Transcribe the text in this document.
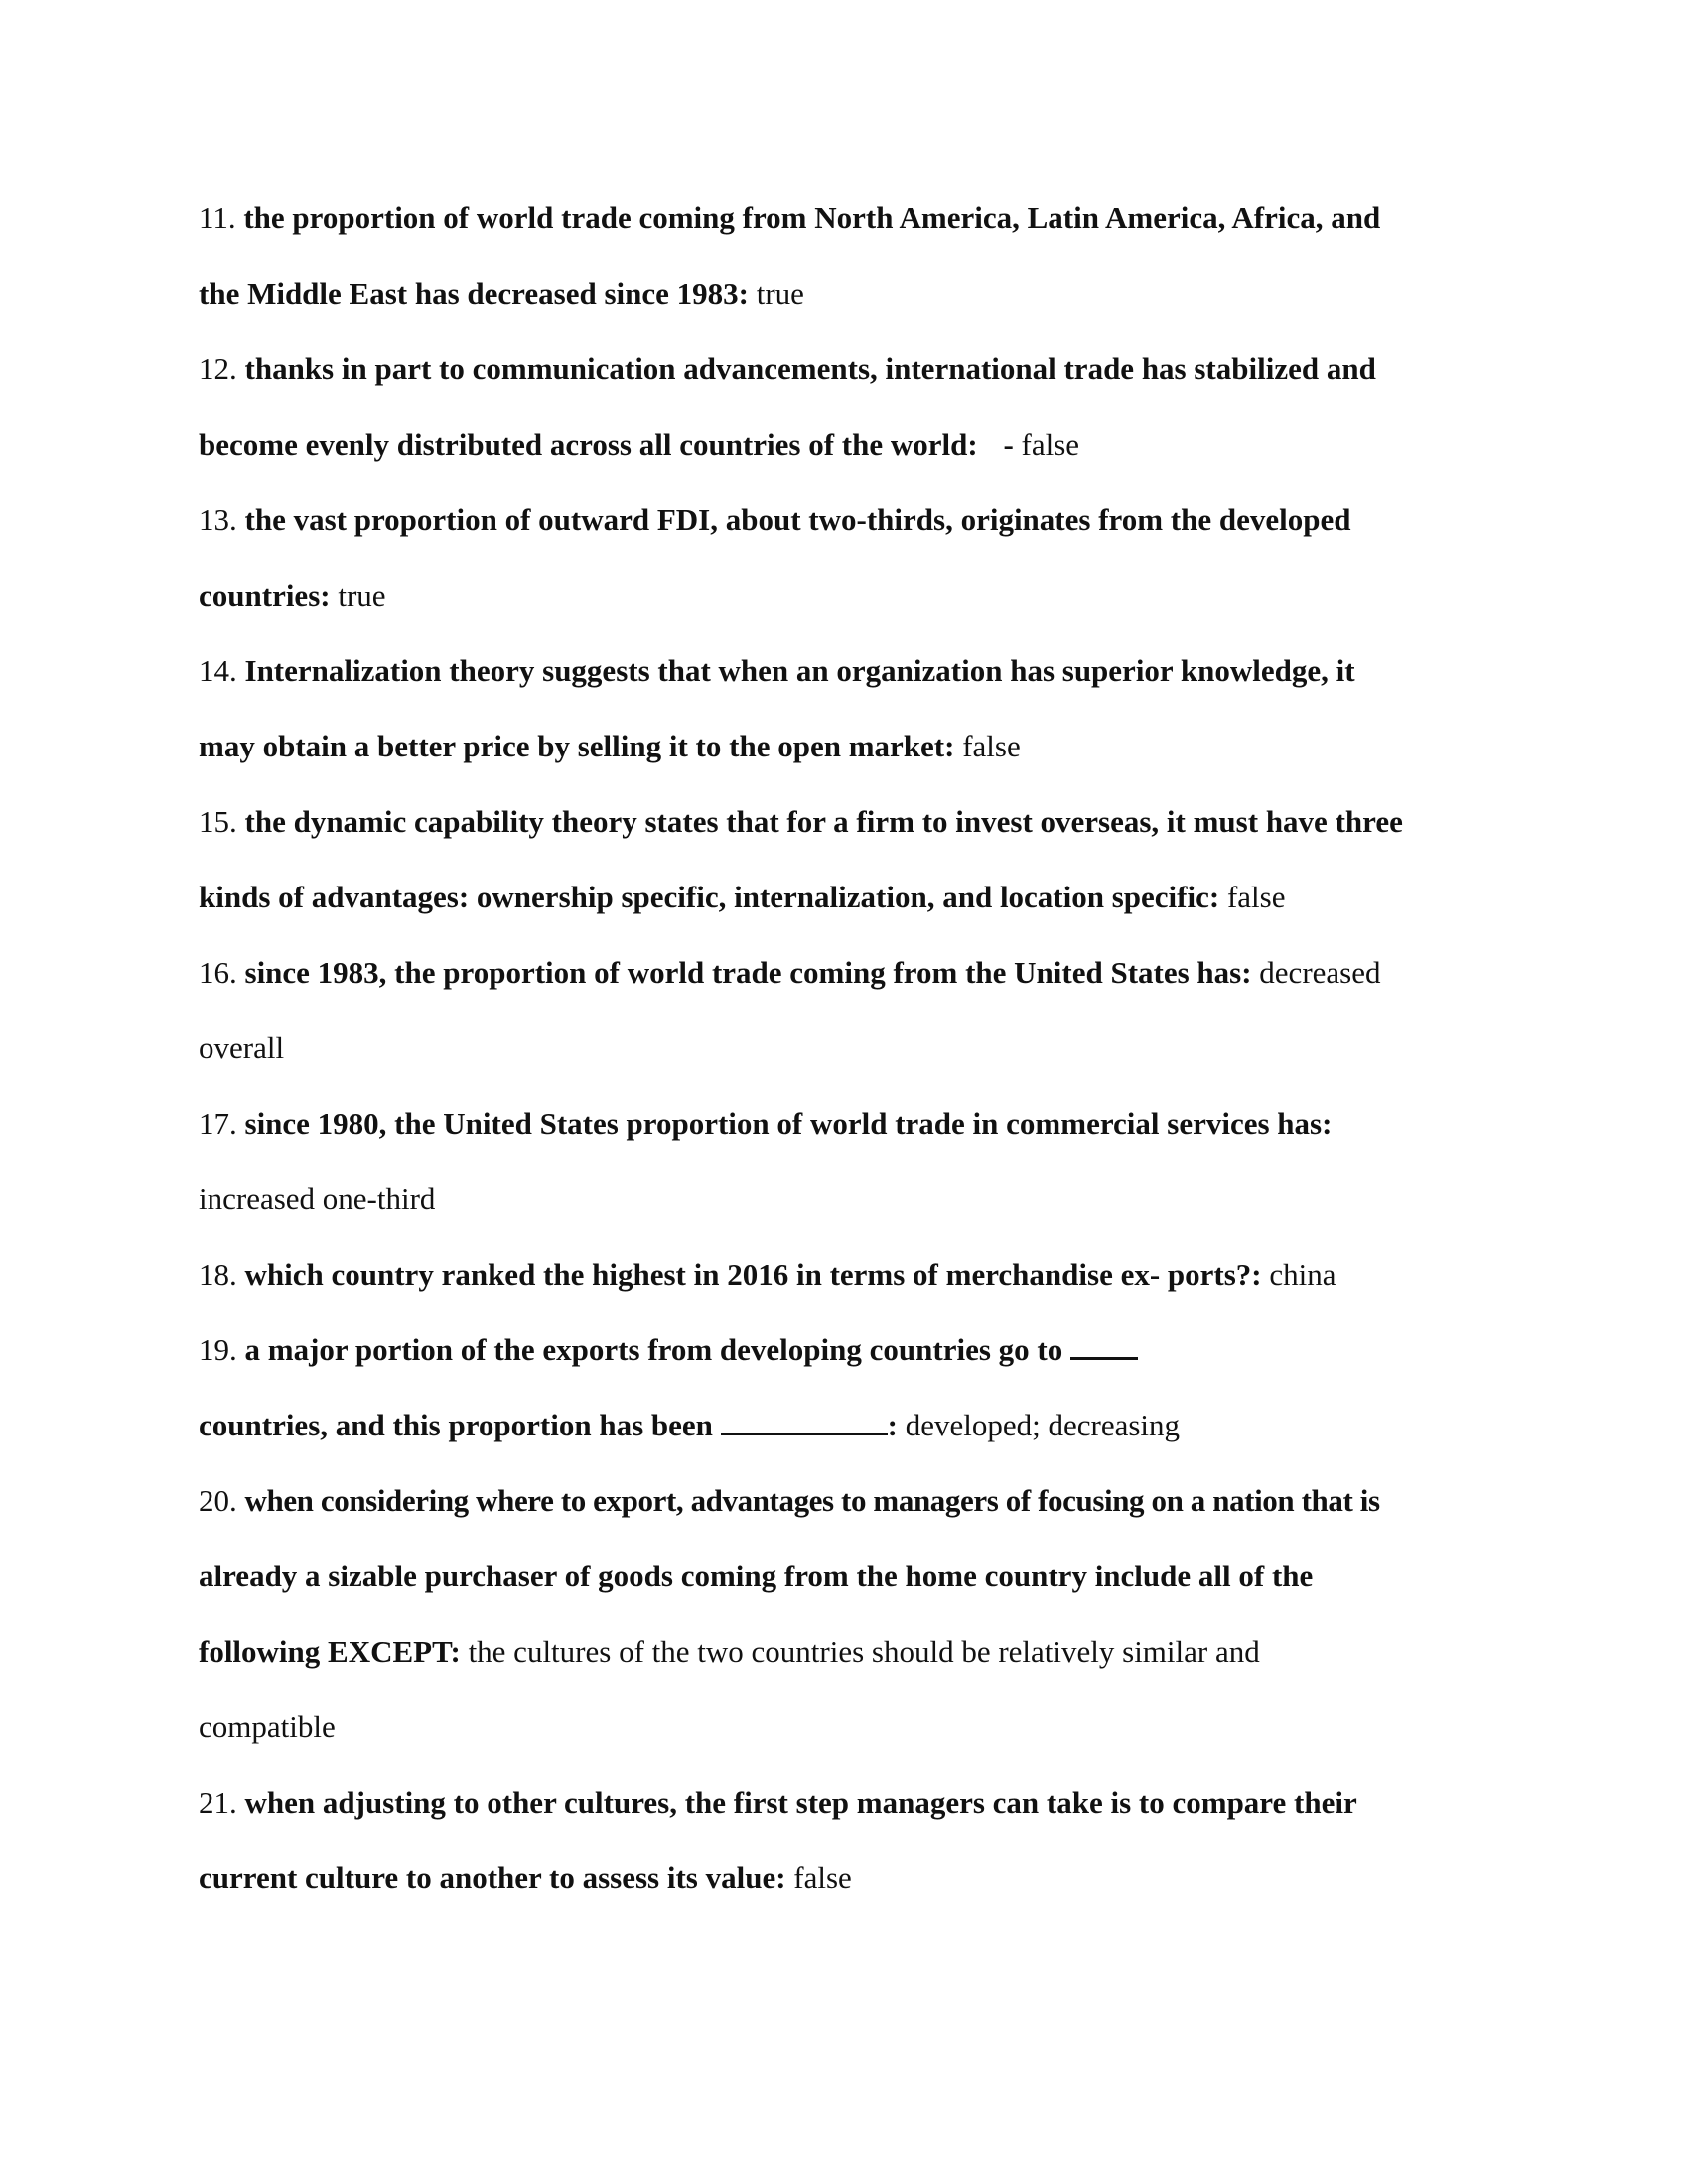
11. the proportion of world trade coming from North America, Latin America, Africa, and
the Middle East has decreased since 1983: true
12. thanks in part to communication advancements, international trade has stabilized and
become evenly distributed across all countries of the world: - false
13. the vast proportion of outward FDI, about two-thirds, originates from the developed
countries: true
14. Internalization theory suggests that when an organization has superior knowledge, it
may obtain a better price by selling it to the open market: false
15. the dynamic capability theory states that for a firm to invest overseas, it must have three
kinds of advantages: ownership specific, internalization, and location specific: false
16. since 1983, the proportion of world trade coming from the United States has: decreased
overall
17. since 1980, the United States proportion of world trade in commercial services has:
increased one-third
18. which country ranked the highest in 2016 in terms of merchandise ex- ports?: china
19. a major portion of the exports from developing countries go to
countries, and this proportion has been	: developed; decreasing
20. when considering where to export, advantages to managers of focusing on a nation that is
already a sizable purchaser of goods coming from the home country include all of the
following EXCEPT: the cultures of the two countries should be relatively similar and
compatible
21. when adjusting to other cultures, the first step managers can take is to compare their
current culture to another to assess its value: false
